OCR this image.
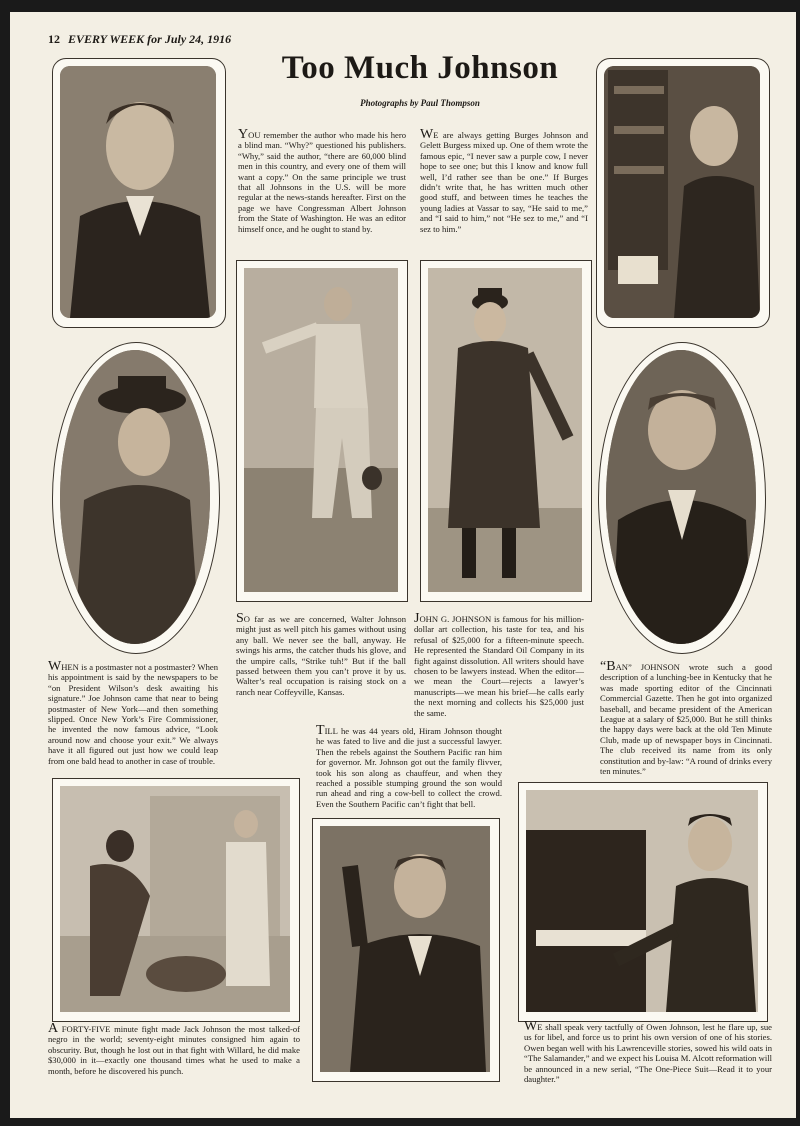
12 EVERY WEEK for July 24, 1916
Too Much Johnson
Photographs by Paul Thompson
YOU remember the author who made his hero a blind man. “Why?” questioned his publishers. “Why,” said the author, “there are 60,000 blind men in this country, and every one of them will want a copy.” On the same principle we trust that all Johnsons in the U.S. will be more regular at the news-stands hereafter. First on the page we have Congressman Albert Johnson from the State of Washington. He was an editor himself once, and he ought to stand by.
WE are always getting Burges Johnson and Gelett Burgess mixed up. One of them wrote the famous epic, “I never saw a purple cow, I never hope to see one; but this I know and know full well, I’d rather see than be one.” If Burges didn’t write that, he has written much other good stuff, and between times he teaches the young ladies at Vassar to say, “He said to me,” and “I said to him,” not “He sez to me,” and “I sez to him.”
WHEN is a postmaster not a postmaster? When his appointment is said by the newspapers to be “on President Wilson’s desk awaiting his signature.” Joe Johnson came that near to being postmaster of New York—and then something slipped. Once New York’s Fire Commissioner, he invented the now famous advice, “Look around now and choose your exit.” We always have it all figured out just how we could leap from one bald head to another in case of trouble.
SO far as we are concerned, Walter Johnson might just as well pitch his games without using any ball. We never see the ball, anyway. He swings his arms, the catcher thuds his glove, and the umpire calls, “Strike tuh!” But if the ball passed between them you can’t prove it by us. Walter’s real occupation is raising stock on a ranch near Coffeyville, Kansas.
JOHN G. JOHNSON is famous for his million-dollar art collection, his taste for tea, and his refusal of $25,000 for a fifteen-minute speech. He represented the Standard Oil Company in its fight against dissolution. All writers should have chosen to be lawyers instead. When the editor—we mean the Court—rejects a lawyer’s manuscripts—we mean his brief—he calls early the next morning and collects his $25,000 just the same.
“BAN” JOHNSON wrote such a good description of a lunching-bee in Kentucky that he was made sporting editor of the Cincinnati Commercial Gazette. Then he got into organized baseball, and became president of the American League at a salary of $25,000. But he still thinks the happy days were back at the old Ten Minute Club, made up of newspaper boys in Cincinnati. The club received its name from its only constitution and by-law: “A round of drinks every ten minutes.”
TILL he was 44 years old, Hiram Johnson thought he was fated to live and die just a successful lawyer. Then the rebels against the Southern Pacific ran him for governor. Mr. Johnson got out the family flivver, took his son along as chauffeur, and when they reached a possible stumping ground the son would run ahead and ring a cow-bell to collect the crowd. Even the Southern Pacific can’t fight that bell.
A FORTY-FIVE minute fight made Jack Johnson the most talked-of negro in the world; seventy-eight minutes consigned him again to obscurity. But, though he lost out in that fight with Willard, he did make $30,000 in it—exactly one thousand times what he used to make a month, before he discovered his punch.
WE shall speak very tactfully of Owen Johnson, lest he flare up, sue us for libel, and force us to print his own version of one of his stories. Owen began well with his Lawrenceville stories, sowed his wild oats in “The Salamander,” and we expect his Louisa M. Alcott reformation will be announced in a new serial, “The One-Piece Suit—Read it to your daughter.”
